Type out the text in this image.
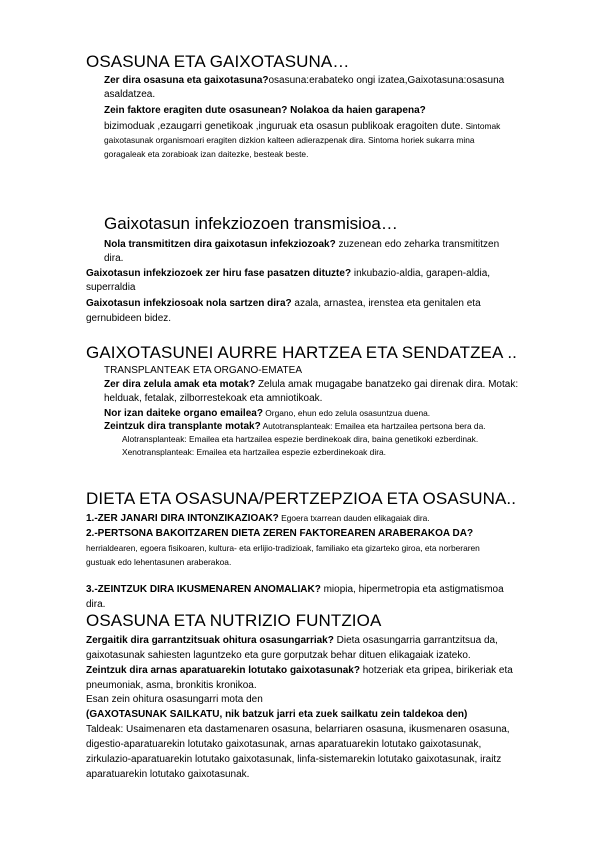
OSASUNA ETA GAIXOTASUNA…
Zer dira osasuna eta gaixotasuna?osasuna:erabateko ongi izatea,Gaixotasuna:osasuna
asaldatzea.
Zein faktore eragiten dute osasunean? Nolakoa da haien garapena?
bizimoduak ,ezaugarri genetikoak ,inguruak eta osasun publikoak eragoiten dute. Sintomak
gaixotasunak organismoari eragiten dizkion kalteen adierazpenak dira. Sintoma horiek sukarra mina
goragaleak eta zorabioak izan daitezke, besteak beste.
Gaixotasun infekziozoen transmisioa…
Nola transmititzen dira gaixotasun infekziozoak? zuzenean edo zeharka transmititzen
dira.
Gaixotasun infekziozoek zer hiru fase pasatzen dituzte? inkubazio-aldia, garapen-aldia,
superraldia
Gaixotasun infekziosoak nola sartzen dira? azala, arnastea, irenstea eta genitalen eta
gernubideen bidez.
GAIXOTASUNEI AURRE HARTZEA ETA SENDATZEA ..
TRANSPLANTEAK ETA ORGANO-EMATEA
Zer dira zelula amak eta motak? Zelula amak mugagabe banatzeko gai direnak dira. Motak:
helduak, fetalak, zilborrestekoak eta amniotikoak.
Nor izan daiteke organo emailea? Organo, ehun edo zelula osasuntzua duena.
Zeintzuk dira transplante motak? Autotransplanteak: Emailea eta hartzailea pertsona bera da.
Alotransplanteak: Emailea eta hartzailea espezie berdinekoak dira, baina genetikoki ezberdinak.
Xenotransplanteak: Emailea eta hartzailea espezie ezberdinekoak dira.
DIETA ETA OSASUNA/PERTZEPZIOA ETA OSASUNA..
1.-ZER JANARI DIRA INTONZIKAZIOAK? Egoera txarrean dauden elikagaiak dira.
2.-PERTSONA BAKOITZAREN DIETA ZEREN FAKTOREAREN ARABERAKOA DA?
herrialdearen, egoera fisikoaren, kultura- eta erlijio-tradizioak, familiako eta gizarteko giroa, eta norberaren
gustuak edo lehentasunen araberakoa.
3.-ZEINTZUK DIRA IKUSMENAREN ANOMALIAK? miopia, hipermetropia eta astigmatismoa
dira.
OSASUNA ETA NUTRIZIO FUNTZIOA
Zergaitik dira garrantzitsuak ohitura osasungarriak? Dieta osasungarria garrantzitsua da,
gaixotasunak sahiesten laguntzeko eta gure gorputzak behar dituen elikagaiak izateko.
Zeintzuk dira arnas aparatuarekin lotutako gaixotasunak? hotzeriak eta gripea, birikeriak eta
pneumoniak, asma, bronkitis kronikoa.
Esan zein ohitura osasungarri mota den
(GAXOTASUNAK SAILKATU, nik batzuk jarri eta zuek sailkatu zein taldekoa den)
Taldeak: Usaimenaren eta dastamenaren osasuna, belarriaren osasuna, ikusmenaren osasuna,
digestio-aparatuarekin lotutako gaixotasunak, arnas aparatuarekin lotutako gaixotasunak,
zirkulazio-aparatuarekin lotutako gaixotasunak, linfa-sistemarekin lotutako gaixotasunak, iraitz
aparatuarekin lotutako gaixotasunak.
